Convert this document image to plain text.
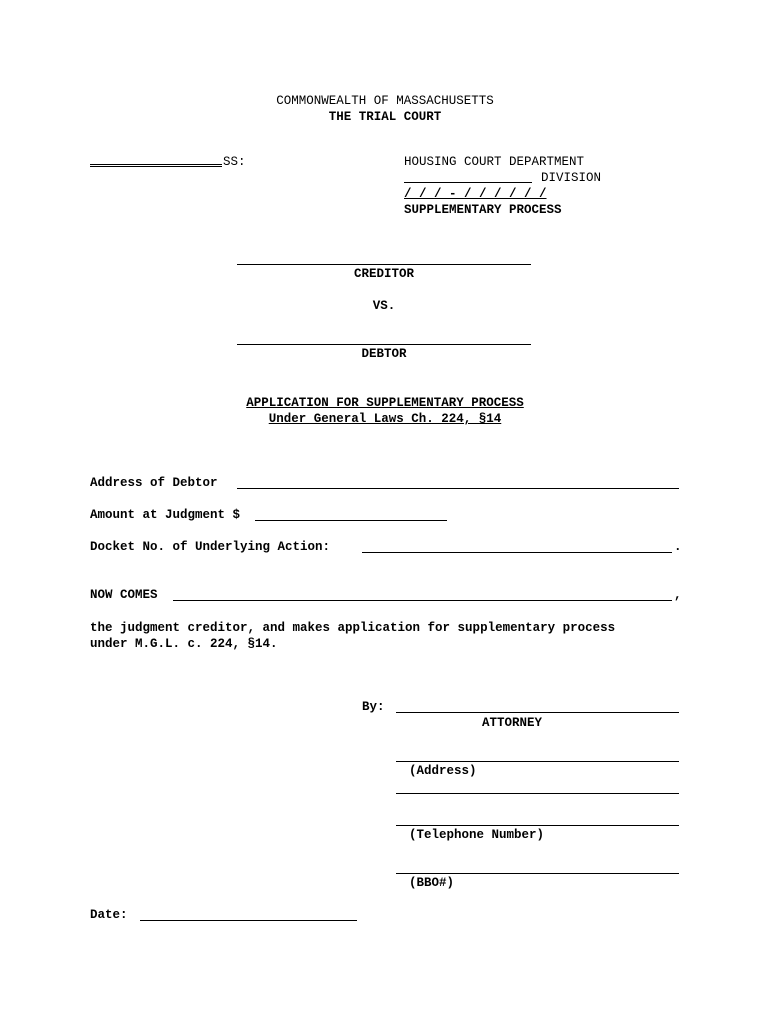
COMMONWEALTH OF MASSACHUSETTS
THE TRIAL COURT
SS:	HOUSING COURT DEPARTMENT
DIVISION
/ / / - / / / / / /
SUPPLEMENTARY PROCESS
CREDITOR
VS.
DEBTOR
APPLICATION FOR SUPPLEMENTARY PROCESS
Under General Laws Ch. 224, §14
Address of Debtor
Amount at Judgment $
Docket No. of Underlying Action:	.
NOW COMES	,
the judgment creditor, and makes application for supplementary process
under M.G.L. c. 224, §14.
By:
ATTORNEY
(Address)
(Telephone Number)
(BBO#)
Date:
